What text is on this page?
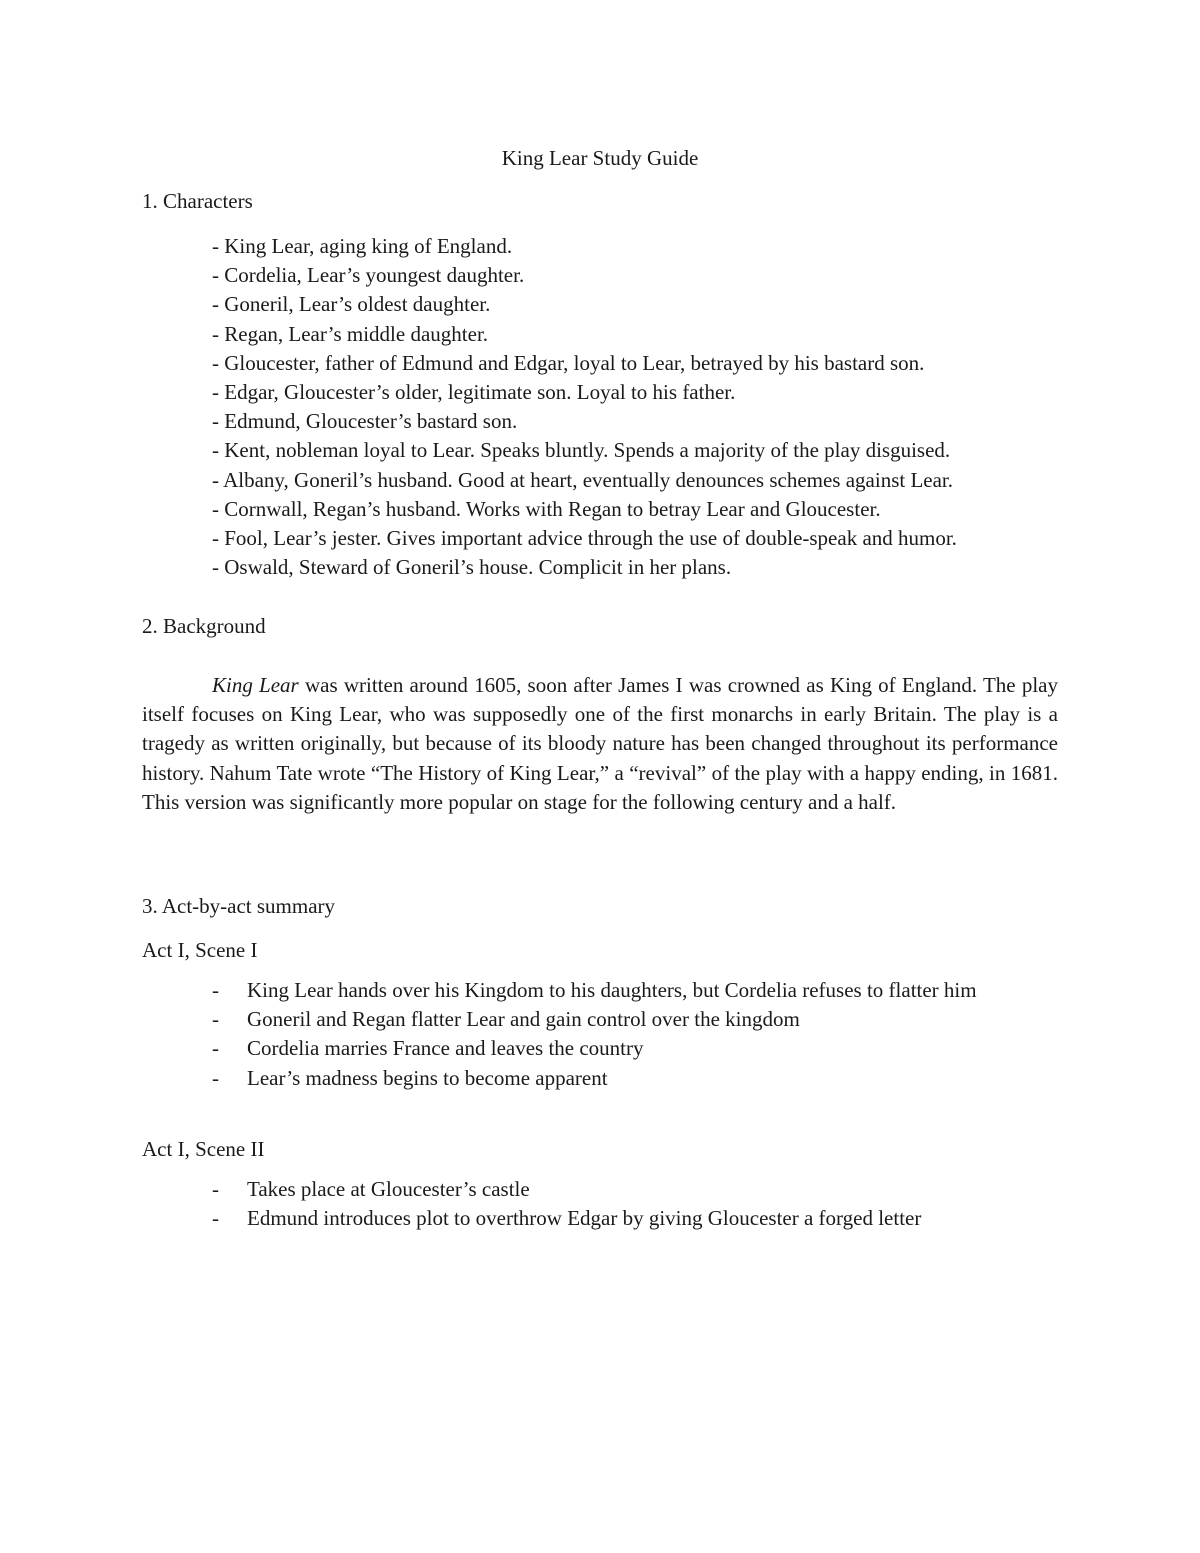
King Lear Study Guide
1. Characters
- King Lear, aging king of England.
- Cordelia, Lear’s youngest daughter.
- Goneril, Lear’s oldest daughter.
- Regan, Lear’s middle daughter.
- Gloucester, father of Edmund and Edgar, loyal to Lear, betrayed by his bastard son.
- Edgar, Gloucester’s older, legitimate son. Loyal to his father.
- Edmund, Gloucester’s bastard son.
- Kent, nobleman loyal to Lear. Speaks bluntly. Spends a majority of the play disguised.
- Albany, Goneril’s husband. Good at heart, eventually denounces schemes against Lear.
- Cornwall, Regan’s husband. Works with Regan to betray Lear and Gloucester.
- Fool, Lear’s jester. Gives important advice through the use of double-speak and humor.
- Oswald, Steward of Goneril’s house. Complicit in her plans.
2. Background

King Lear was written around 1605, soon after James I was crowned as King of England. The play itself focuses on King Lear, who was supposedly one of the first monarchs in early Britain. The play is a tragedy as written originally, but because of its bloody nature has been changed throughout its performance history. Nahum Tate wrote “The History of King Lear,” a “revival” of the play with a happy ending, in 1681. This version was significantly more popular on stage for the following century and a half.

3. Act-by-act summary
Act I, Scene I
- King Lear hands over his Kingdom to his daughters, but Cordelia refuses to flatter him
- Goneril and Regan flatter Lear and gain control over the kingdom
- Cordelia marries France and leaves the country
- Lear’s madness begins to become apparent
Act I, Scene II
- Takes place at Gloucester’s castle
- Edmund introduces plot to overthrow Edgar by giving Gloucester a forged letter
